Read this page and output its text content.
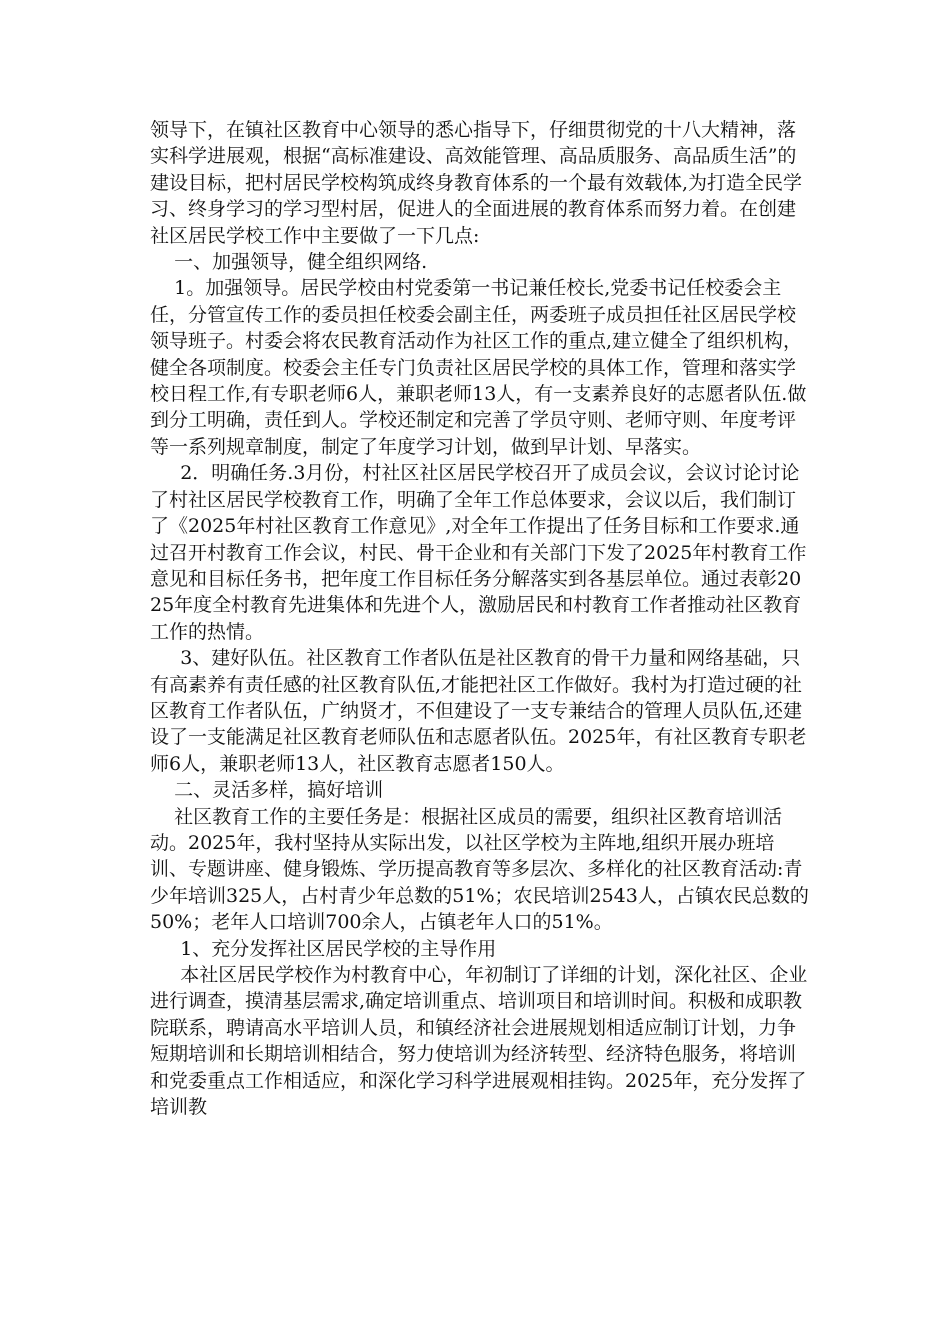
领导下，在镇社区教育中心领导的悉心指导下，仔细贯彻党的十八大精神，落实科学进展观，根据“高标准建设、高效能管理、高品质服务、高品质生活”的建设目标，把村居民学校构筑成终身教育体系的一个最有效载体,为打造全民学习、终身学习的学习型村居，促进人的全面进展的教育体系而努力着。在创建社区居民学校工作中主要做了一下几点:

一、加强领导，健全组织网络.

1。加强领导。居民学校由村党委第一书记兼任校长,党委书记任校委会主任，分管宣传工作的委员担任校委会副主任，两委班子成员担任社区居民学校领导班子。村委会将农民教育活动作为社区工作的重点,建立健全了组织机构，健全各项制度。校委会主任专门负责社区居民学校的具体工作，管理和落实学校日程工作,有专职老师6人，兼职老师13人，有一支素养良好的志愿者队伍.做到分工明确，责任到人。学校还制定和完善了学员守则、老师守则、年度考评等一系列规章制度，制定了年度学习计划，做到早计划、早落实。

2．明确任务.3月份，村社区社区居民学校召开了成员会议，会议讨论讨论了村社区居民学校教育工作，明确了全年工作总体要求，会议以后，我们制订了《2025年村社区教育工作意见》,对全年工作提出了任务目标和工作要求.通过召开村教育工作会议，村民、骨干企业和有关部门下发了2025年村教育工作意见和目标任务书，把年度工作目标任务分解落实到各基层单位。通过表彰2025年度全村教育先进集体和先进个人，激励居民和村教育工作者推动社区教育工作的热情。

3、建好队伍。社区教育工作者队伍是社区教育的骨干力量和网络基础，只有高素养有责任感的社区教育队伍,才能把社区工作做好。我村为打造过硬的社区教育工作者队伍，广纳贤才，不但建设了一支专兼结合的管理人员队伍,还建设了一支能满足社区教育老师队伍和志愿者队伍。2025年，有社区教育专职老师6人，兼职老师13人，社区教育志愿者150人。

二、灵活多样，搞好培训

社区教育工作的主要任务是：根据社区成员的需要，组织社区教育培训活动。2025年，我村坚持从实际出发，以社区学校为主阵地,组织开展办班培训、专题讲座、健身锻炼、学历提高教育等多层次、多样化的社区教育活动:青少年培训325人，占村青少年总数的51%；农民培训2543人，占镇农民总数的50%；老年人口培训700余人，占镇老年人口的51%。

1、充分发挥社区居民学校的主导作用

本社区居民学校作为村教育中心，年初制订了详细的计划，深化社区、企业进行调查，摸清基层需求,确定培训重点、培训项目和培训时间。积极和成职教院联系，聘请高水平培训人员，和镇经济社会进展规划相适应制订计划，力争短期培训和长期培训相结合，努力使培训为经济转型、经济特色服务，将培训和党委重点工作相适应，和深化学习科学进展观相挂钩。2025年，充分发挥了培训教
